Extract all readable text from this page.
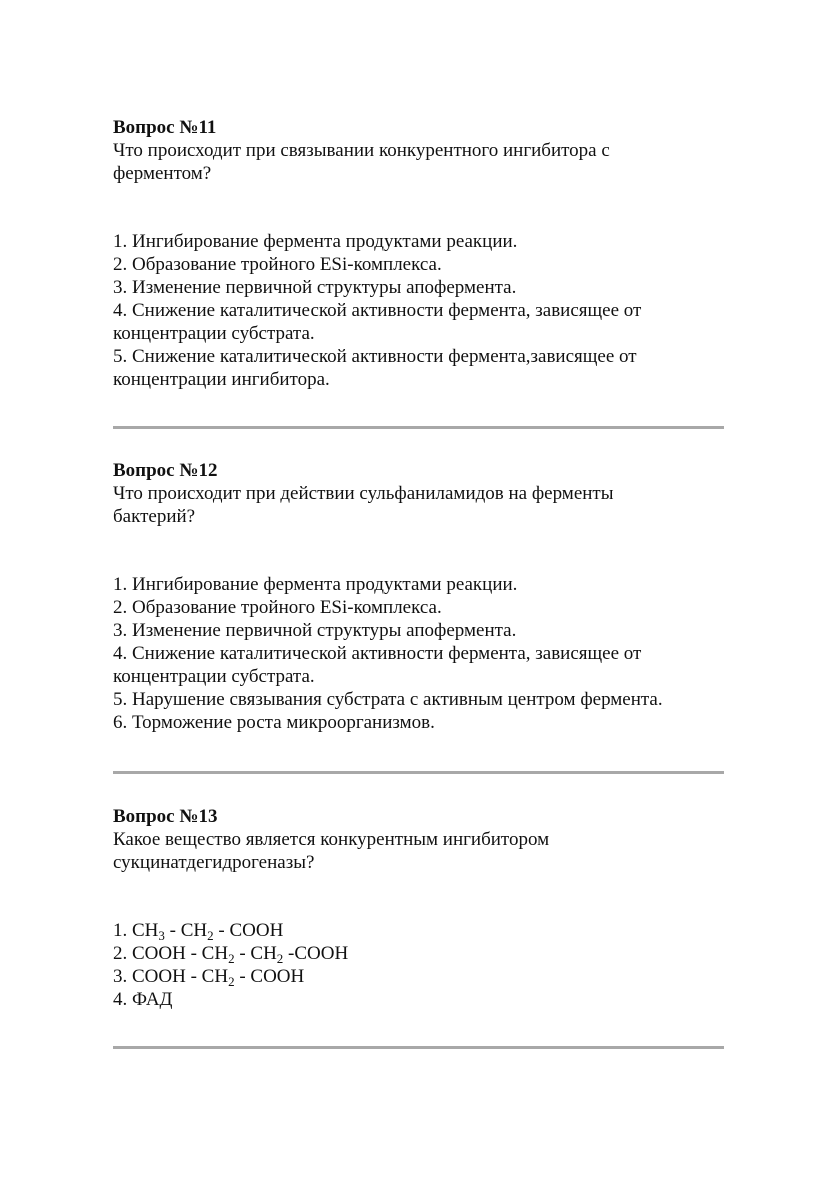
Вопрос №11

Что происходит при связывании конкурентного ингибитора с ферментом?

1. Ингибирование фермента продуктами реакции.
2. Образование тройного ESi-комплекса.
3. Изменение первичной структуры апофермента.
4. Снижение каталитической активности фермента, зависящее от концентрации субстрата.
5. Снижение каталитической активности фермента,зависящее от концентрации ингибитора.

Вопрос №12

Что происходит при действии сульфаниламидов на ферменты бактерий?

1. Ингибирование фермента продуктами реакции.
2. Образование тройного ESi-комплекса.
3. Изменение первичной структуры апофермента.
4. Снижение каталитической активности фермента, зависящее от концентрации субстрата.
5. Нарушение связывания субстрата с активным центром фермента.
6. Торможение роста микроорганизмов.

Вопрос №13

Какое вещество является конкурентным ингибитором сукцинатдегидрогеназы?

1. $CH_3 - CH_2$ - COOH
2. COOH - $CH_2 - CH_2$ -COOH
3. COOH - $CH_2$ - COOH
4. ФАД
